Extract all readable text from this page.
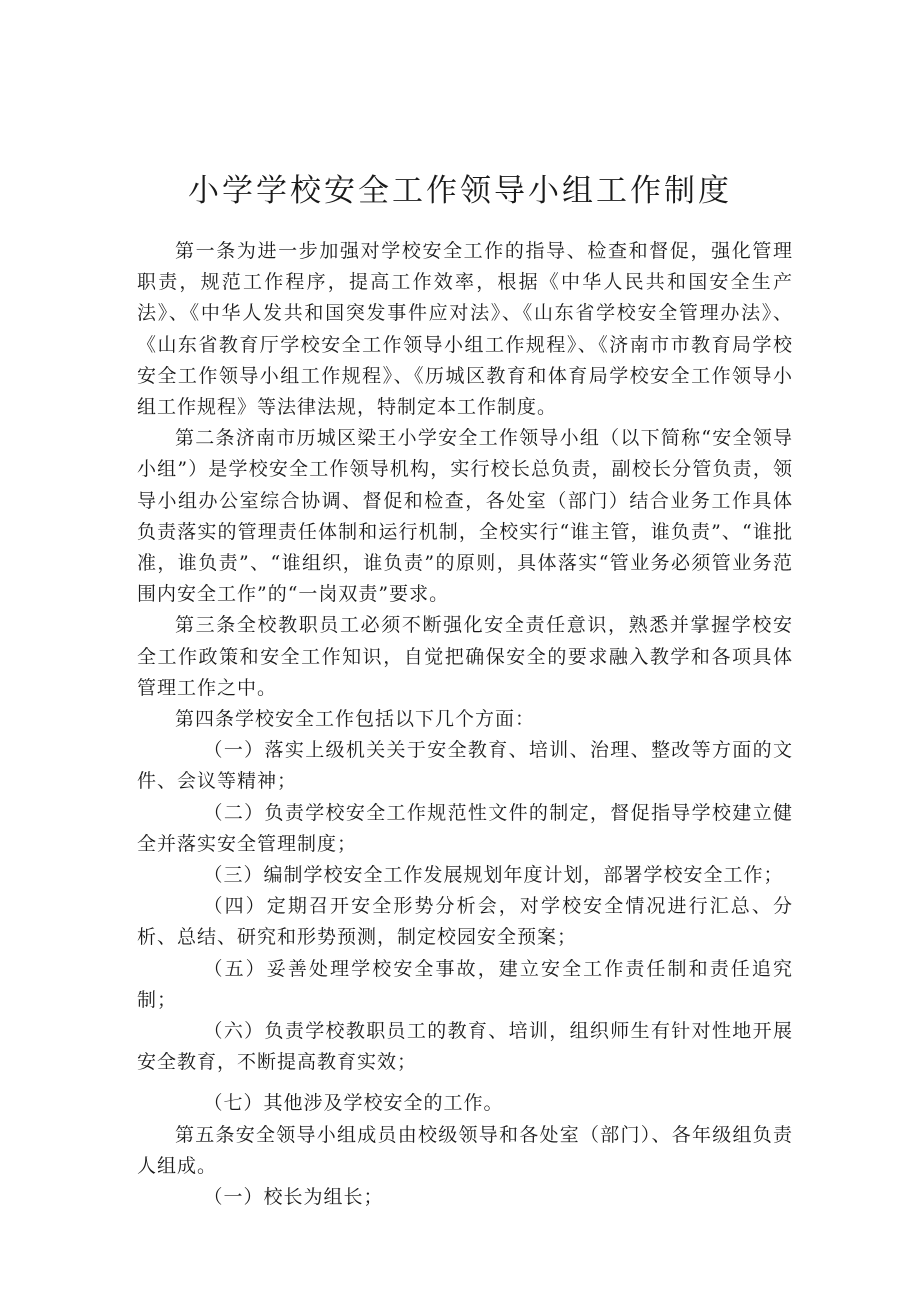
小学学校安全工作领导小组工作制度

第一条为进一步加强对学校安全工作的指导、检查和督促，强化管理职责，规范工作程序，提高工作效率，根据《中华人民共和国安全生产法》、《中华人发共和国突发事件应对法》、《山东省学校安全管理办法》、《山东省教育厅学校安全工作领导小组工作规程》、《济南市市教育局学校安全工作领导小组工作规程》、《历城区教育和体育局学校安全工作领导小组工作规程》等法律法规，特制定本工作制度。

第二条济南市历城区梁王小学安全工作领导小组（以下简称“安全领导小组”）是学校安全工作领导机构，实行校长总负责，副校长分管负责，领导小组办公室综合协调、督促和检查，各处室（部门）结合业务工作具体负责落实的管理责任体制和运行机制，全校实行“谁主管，谁负责”、“谁批准，谁负责”、“谁组织，谁负责”的原则，具体落实“管业务必须管业务范围内安全工作”的“一岗双责”要求。

第三条全校教职员工必须不断强化安全责任意识，熟悉并掌握学校安全工作政策和安全工作知识，自觉把确保安全的要求融入教学和各项具体管理工作之中。

第四条学校安全工作包括以下几个方面：

（一）落实上级机关关于安全教育、培训、治理、整改等方面的文件、会议等精神；

（二）负责学校安全工作规范性文件的制定，督促指导学校建立健全并落实安全管理制度；

（三）编制学校安全工作发展规划年度计划，部署学校安全工作；

（四）定期召开安全形势分析会，对学校安全情况进行汇总、分析、总结、研究和形势预测，制定校园安全预案；

（五）妥善处理学校安全事故，建立安全工作责任制和责任追究制；

（六）负责学校教职员工的教育、培训，组织师生有针对性地开展安全教育，不断提高教育实效；

（七）其他涉及学校安全的工作。

第五条安全领导小组成员由校级领导和各处室（部门）、各年级组负责人组成。

（一）校长为组长；
